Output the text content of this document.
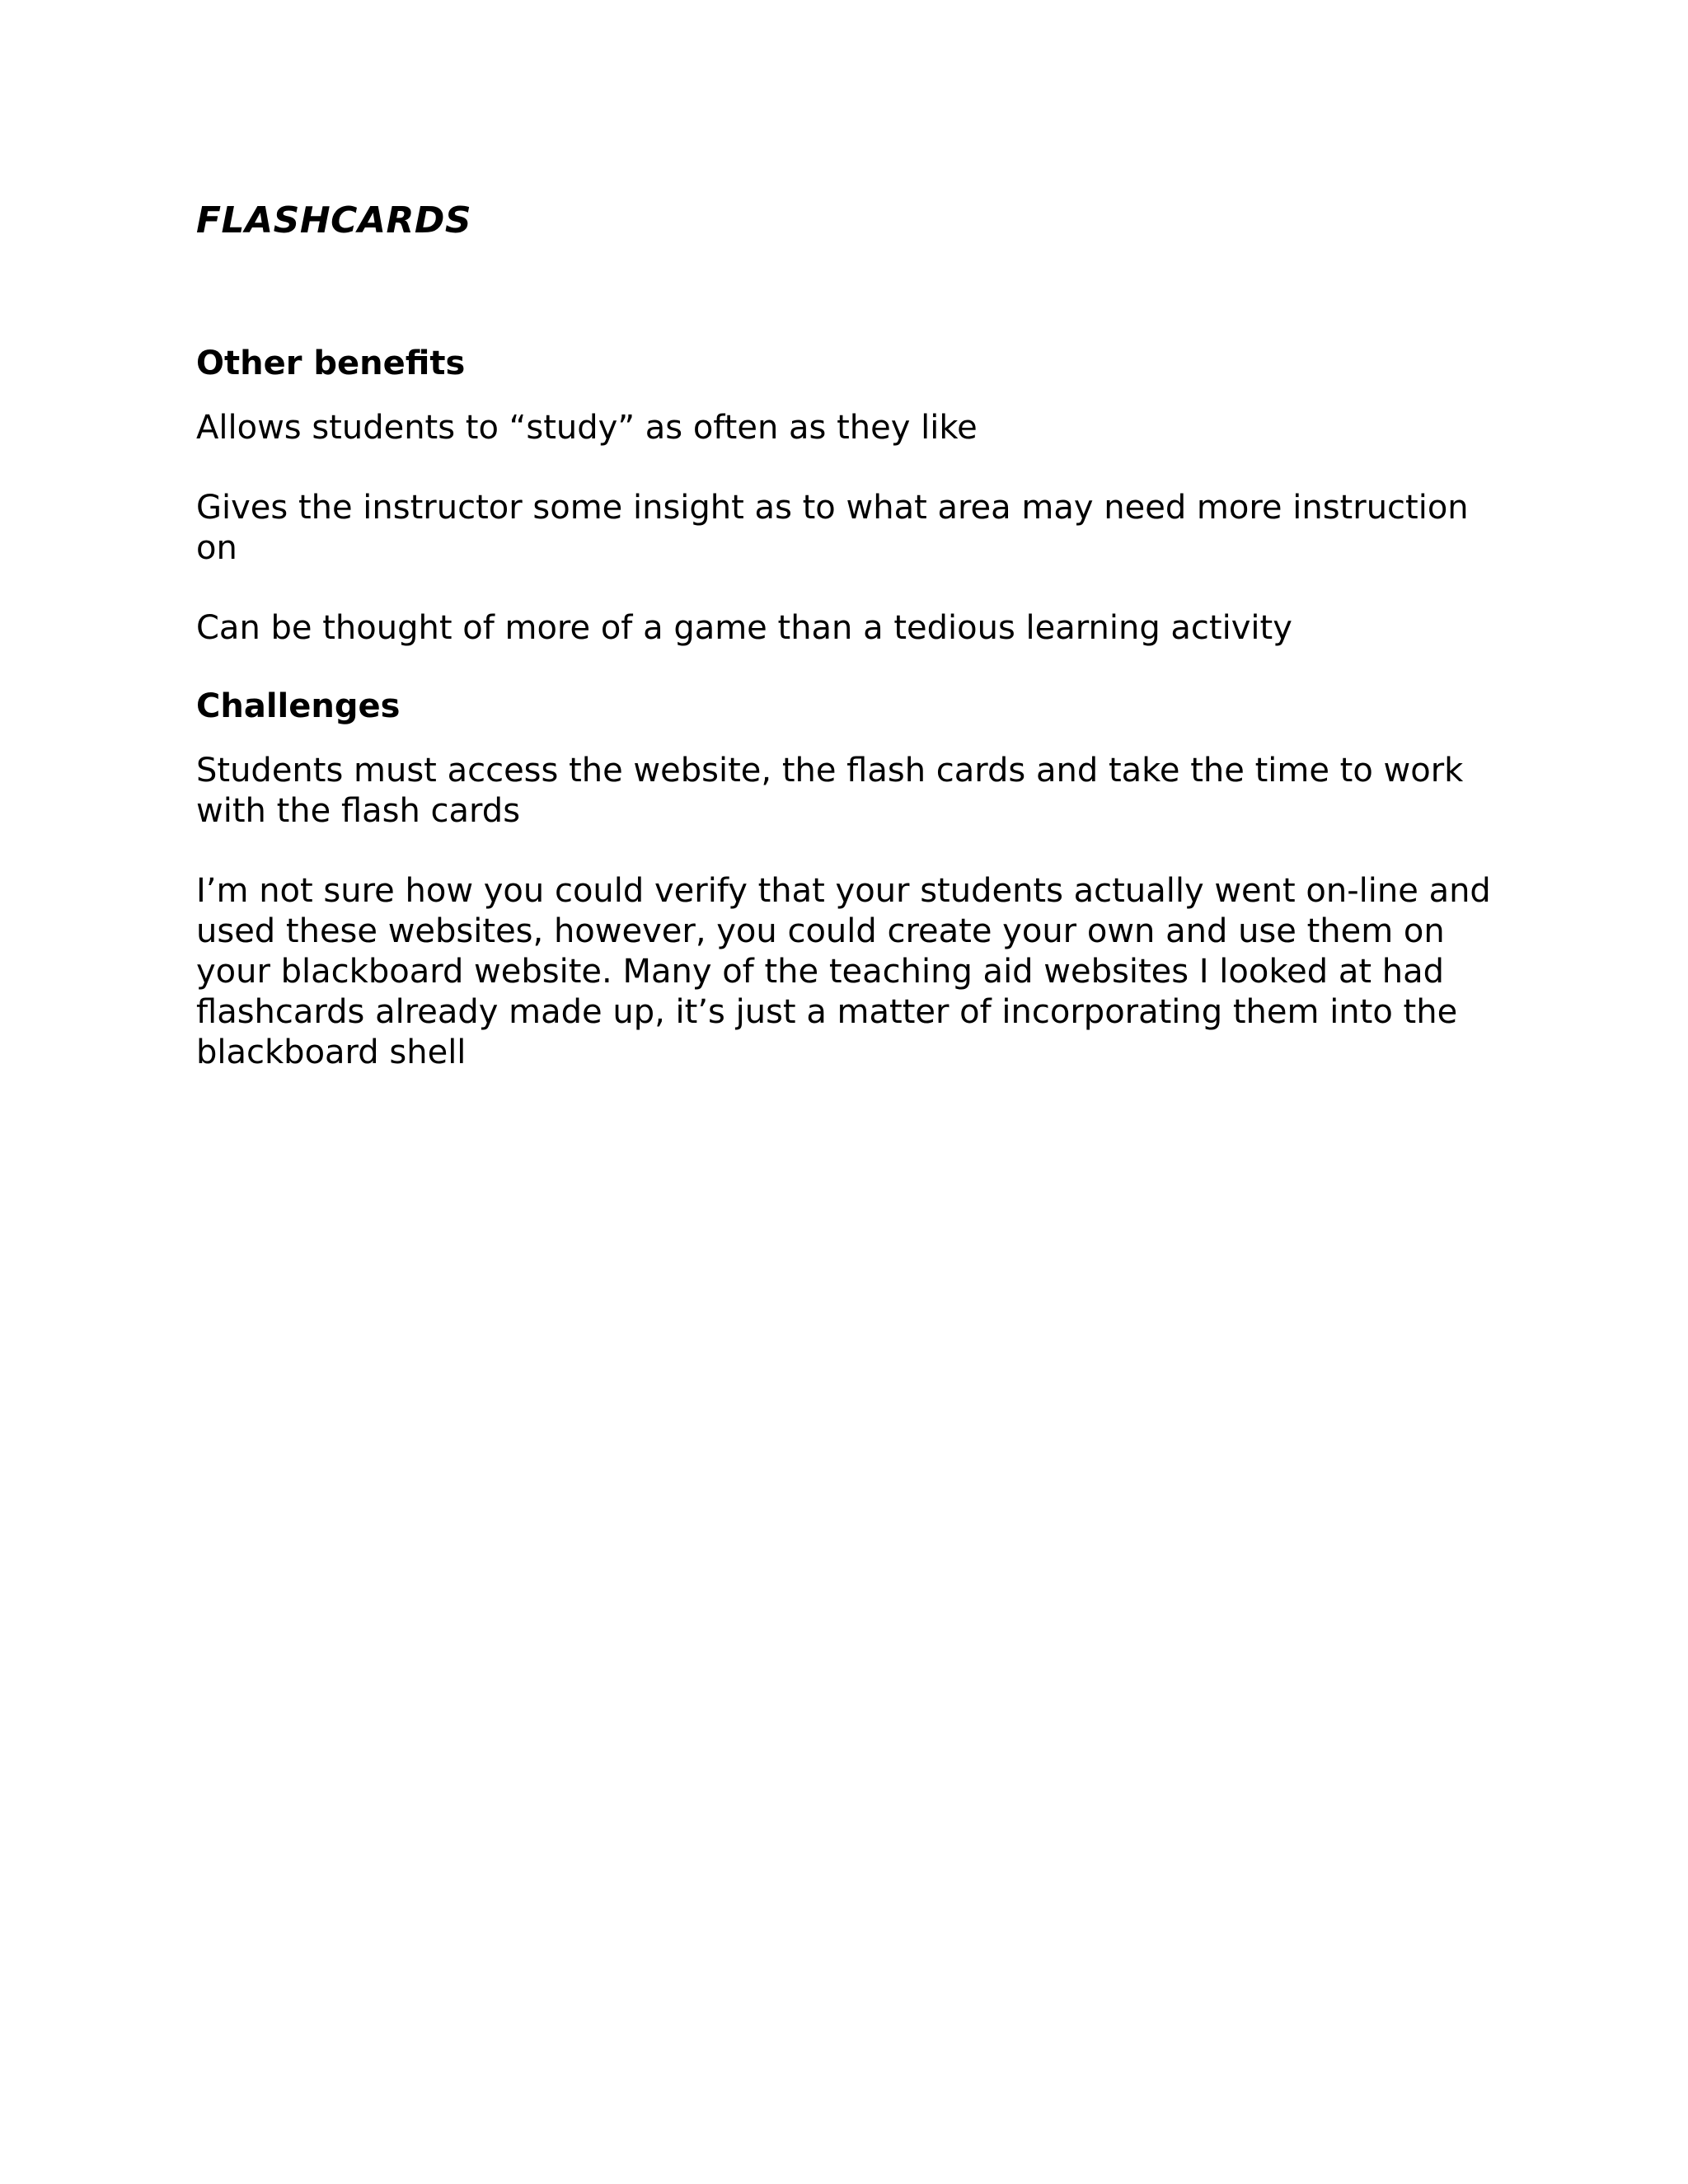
FLASHCARDS
Other benefits

Allows students to “study” as often as they like

Gives the instructor some insight as to what area may need more instruction on

Can be thought of more of a game than a tedious learning activity

Challenges

Students must access the website, the flash cards and take the time to work with the flash cards

I’m not sure how you could verify that your students actually went on-line and used these websites, however, you could create your own and use them on your blackboard website. Many of the teaching aid websites I looked at had flashcards already made up, it’s just a matter of incorporating them into the blackboard shell
